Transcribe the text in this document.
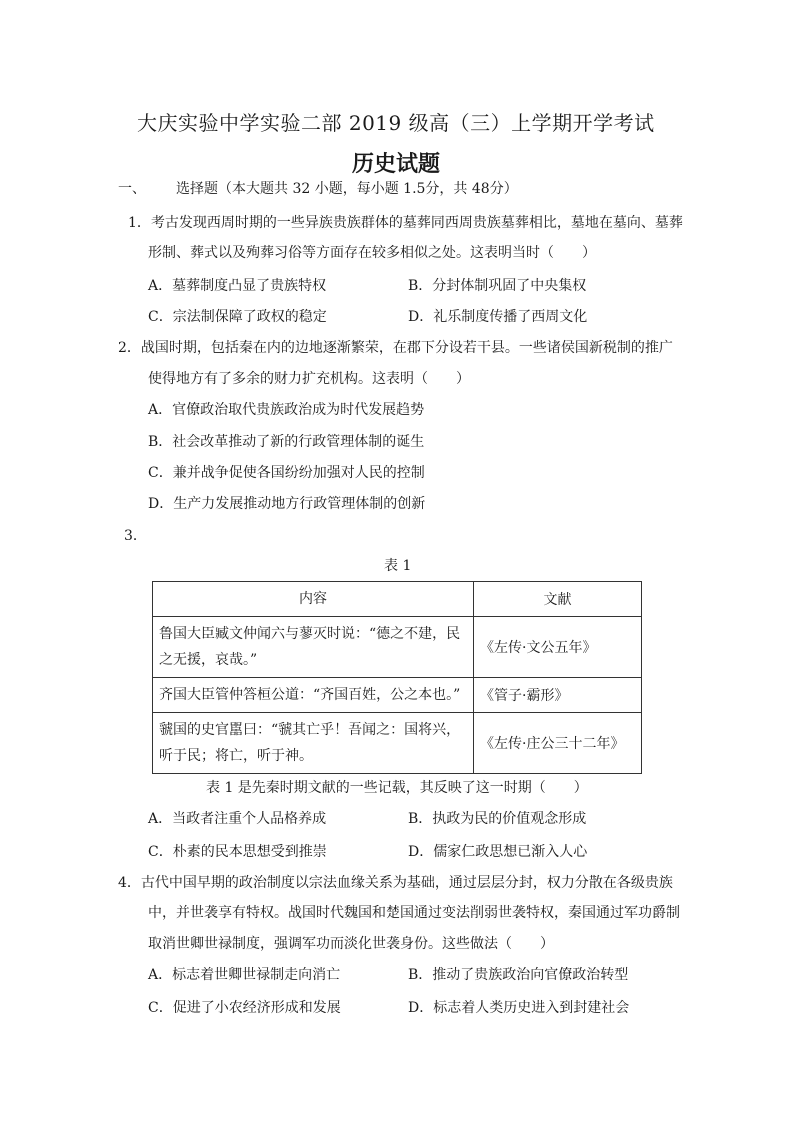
大庆实验中学实验二部 2019 级高（三）上学期开学考试
历史试题
一、 选择题（本大题共 32 小题，每小题 1.5分，共 48分）
1．考古发现西周时期的一些异族贵族群体的墓葬同西周贵族墓葬相比，墓地在墓向、墓葬
形制、葬式以及殉葬习俗等方面存在较多相似之处。这表明当时（　　）
A．墓葬制度凸显了贵族特权	B．分封体制巩固了中央集权
C．宗法制保障了政权的稳定	D．礼乐制度传播了西周文化
2．战国时期，包括秦在内的边地逐渐繁荣，在郡下分设若干县。一些诸侯国新税制的推广
使得地方有了多余的财力扩充机构。这表明（　　）
A．官僚政治取代贵族政治成为时代发展趋势
B．社会改革推动了新的行政管理体制的诞生
C．兼并战争促使各国纷纷加强对人民的控制
D．生产力发展推动地方行政管理体制的创新
3．
表 1
内容	文献

鲁国大臣臧文仲闻六与蓼灭时说：“德之不建，民
之无援，哀哉。”	《左传·文公五年》

齐国大臣管仲答桓公道：“齐国百姓，公之本也。”	《管子·霸形》

虢国的史官嚚曰：“虢其亡乎！吾闻之：国将兴，
听于民；将亡，听于神。	《左传·庄公三十二年》
表 1 是先秦时期文献的一些记载，其反映了这一时期（　　）
A．当政者注重个人品格养成	B．执政为民的价值观念形成
C．朴素的民本思想受到推崇	D．儒家仁政思想已渐入人心
4．古代中国早期的政治制度以宗法血缘关系为基础，通过层层分封，权力分散在各级贵族
中，并世袭享有特权。战国时代魏国和楚国通过变法削弱世袭特权，秦国通过军功爵制
取消世卿世禄制度，强调军功而淡化世袭身份。这些做法（　　）
A．标志着世卿世禄制走向消亡	B．推动了贵族政治向官僚政治转型
C．促进了小农经济形成和发展	D．标志着人类历史进入到封建社会
